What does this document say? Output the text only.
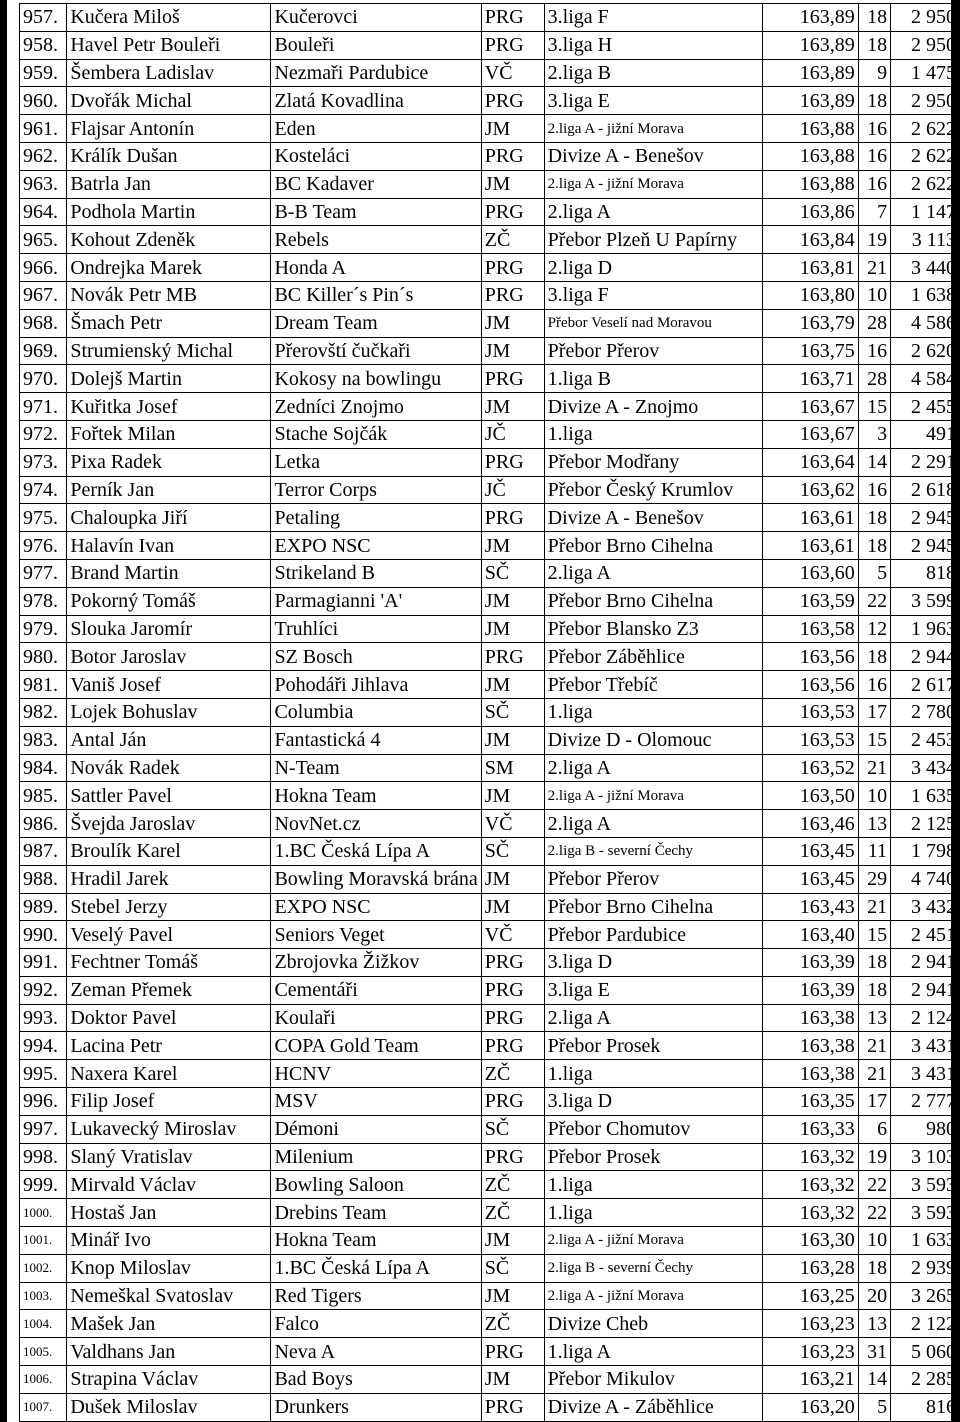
957.	Kučera Miloš	Kučerovci	PRG	3.liga F	163,89	18	2 950
958.	Havel Petr Bouleři	Bouleři	PRG	3.liga H	163,89	18	2 950
959.	Šembera Ladislav	Nezmaři Pardubice	VČ	2.liga B	163,89	9	1 475
960.	Dvořák Michal	Zlatá Kovadlina	PRG	3.liga E	163,89	18	2 950
961.	Flajsar Antonín	Eden	JM	2.liga A - jižní Morava	163,88	16	2 622
962.	Králík Dušan	Kosteláci	PRG	Divize A - Benešov	163,88	16	2 622
963.	Batrla Jan	BC Kadaver	JM	2.liga A - jižní Morava	163,88	16	2 622
964.	Podhola Martin	B-B Team	PRG	2.liga A	163,86	7	1 147
965.	Kohout Zdeněk	Rebels	ZČ	Přebor Plzeň U Papírny	163,84	19	3 113
966.	Ondrejka Marek	Honda A	PRG	2.liga D	163,81	21	3 440
967.	Novák Petr MB	BC Killer´s Pin´s	PRG	3.liga F	163,80	10	1 638
968.	Šmach Petr	Dream Team	JM	Přebor Veselí nad Moravou	163,79	28	4 586
969.	Strumienský Michal	Přerovští čučkaři	JM	Přebor Přerov	163,75	16	2 620
970.	Dolejš Martin	Kokosy na bowlingu	PRG	1.liga B	163,71	28	4 584
971.	Kuřitka Josef	Zedníci Znojmo	JM	Divize A - Znojmo	163,67	15	2 455
972.	Fořtek Milan	Stache Sojčák	JČ	1.liga	163,67	3	491
973.	Pixa Radek	Letka	PRG	Přebor Modřany	163,64	14	2 291
974.	Perník Jan	Terror Corps	JČ	Přebor Český Krumlov	163,62	16	2 618
975.	Chaloupka Jiří	Petaling	PRG	Divize A - Benešov	163,61	18	2 945
976.	Halavín Ivan	EXPO NSC	JM	Přebor Brno Cihelna	163,61	18	2 945
977.	Brand Martin	Strikeland B	SČ	2.liga A	163,60	5	818
978.	Pokorný Tomáš	Parmagianni 'A'	JM	Přebor Brno Cihelna	163,59	22	3 599
979.	Slouka Jaromír	Truhlíci	JM	Přebor Blansko Z3	163,58	12	1 963
980.	Botor Jaroslav	SZ Bosch	PRG	Přebor Záběhlice	163,56	18	2 944
981.	Vaniš Josef	Pohodáři Jihlava	JM	Přebor Třebíč	163,56	16	2 617
982.	Lojek Bohuslav	Columbia	SČ	1.liga	163,53	17	2 780
983.	Antal Ján	Fantastická 4	JM	Divize D - Olomouc	163,53	15	2 453
984.	Novák Radek	N-Team	SM	2.liga A	163,52	21	3 434
985.	Sattler Pavel	Hokna Team	JM	2.liga A - jižní Morava	163,50	10	1 635
986.	Švejda Jaroslav	NovNet.cz	VČ	2.liga A	163,46	13	2 125
987.	Broulík Karel	1.BC Česká Lípa A	SČ	2.liga B - severní Čechy	163,45	11	1 798
988.	Hradil Jarek	Bowling Moravská brána	JM	Přebor Přerov	163,45	29	4 740
989.	Stebel Jerzy	EXPO NSC	JM	Přebor Brno Cihelna	163,43	21	3 432
990.	Veselý Pavel	Seniors Veget	VČ	Přebor Pardubice	163,40	15	2 451
991.	Fechtner Tomáš	Zbrojovka Žižkov	PRG	3.liga D	163,39	18	2 941
992.	Zeman Přemek	Cementáři	PRG	3.liga E	163,39	18	2 941
993.	Doktor Pavel	Koulaři	PRG	2.liga A	163,38	13	2 124
994.	Lacina Petr	COPA Gold Team	PRG	Přebor Prosek	163,38	21	3 431
995.	Naxera Karel	HCNV	ZČ	1.liga	163,38	21	3 431
996.	Filip Josef	MSV	PRG	3.liga D	163,35	17	2 777
997.	Lukavecký Miroslav	Démoni	SČ	Přebor Chomutov	163,33	6	980
998.	Slaný Vratislav	Milenium	PRG	Přebor Prosek	163,32	19	3 103
999.	Mirvald Václav	Bowling Saloon	ZČ	1.liga	163,32	22	3 593
1000.	Hostaš Jan	Drebins Team	ZČ	1.liga	163,32	22	3 593
1001.	Minář Ivo	Hokna Team	JM	2.liga A - jižní Morava	163,30	10	1 633
1002.	Knop Miloslav	1.BC Česká Lípa A	SČ	2.liga B - severní Čechy	163,28	18	2 939
1003.	Nemeškal Svatoslav	Red Tigers	JM	2.liga A - jižní Morava	163,25	20	3 265
1004.	Mašek Jan	Falco	ZČ	Divize Cheb	163,23	13	2 122
1005.	Valdhans Jan	Neva A	PRG	1.liga A	163,23	31	5 060
1006.	Strapina Václav	Bad Boys	JM	Přebor Mikulov	163,21	14	2 285
1007.	Dušek Miloslav	Drunkers	PRG	Divize A - Záběhlice	163,20	5	816
